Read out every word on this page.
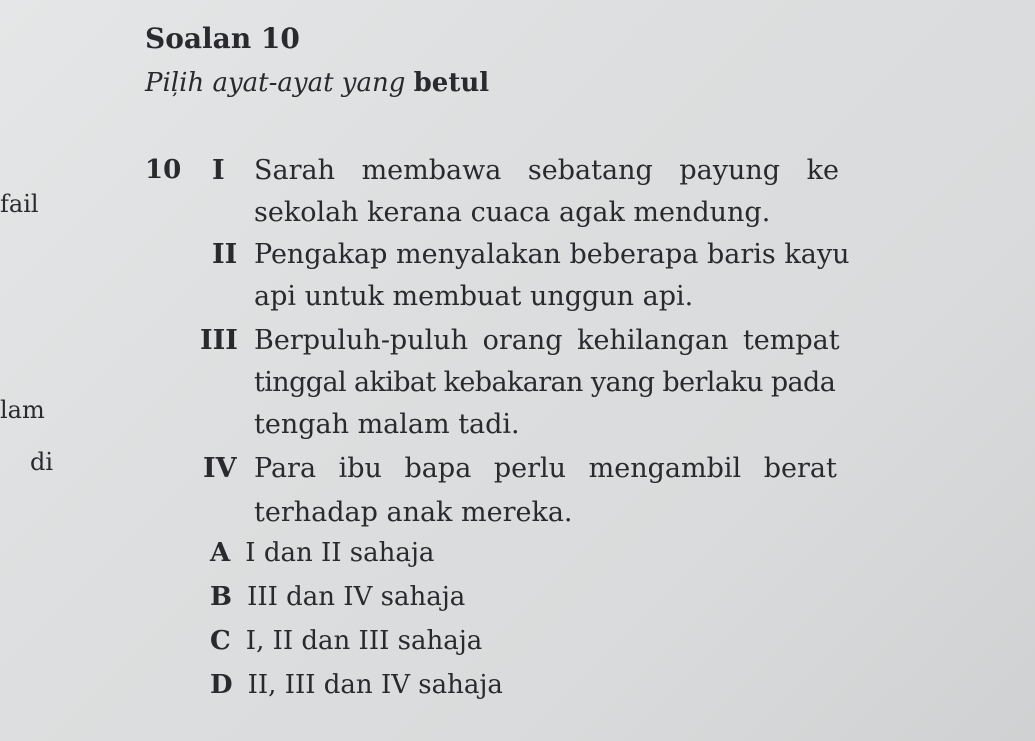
fail
lam
di
Soalan 10
Piļih ayat-ayat yang betul
10 I Sarah membawa sebatang payung ke
sekolah kerana cuaca agak mendung.
II Pengakap menyalakan beberapa baris kayu
api untuk membuat unggun api.
III Berpuluh-puluh orang kehilangan tempat
tinggal akibat kebakaran yang berlaku pada
tengah malam tadi.
IV Para ibu bapa perlu mengambil berat
terhadap anak mereka.
A I dan II sahaja
B III dan IV sahaja
C I, II dan III sahaja
D II, III dan IV sahaja
